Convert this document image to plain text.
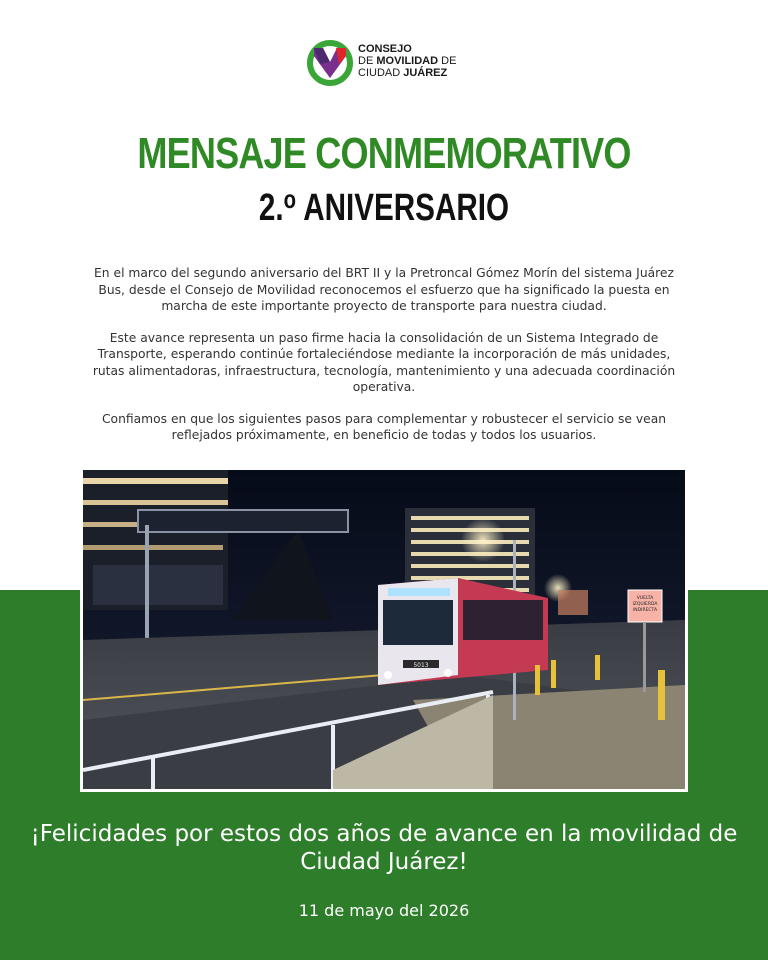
CONSEJO
DE MOVILIDAD DE
CIUDAD JUÁREZ
MENSAJE CONMEMORATIVO
2.$^o$ ANIVERSARIO

En el marco del segundo aniversario del BRT II y la Pretroncal Gómez Morín del sistema Juárez Bus, desde el Consejo de Movilidad reconocemos el esfuerzo que ha significado la puesta en marcha de este importante proyecto de transporte para nuestra ciudad.

Este avance representa un paso firme hacia la consolidación de un Sistema Integrado de Transporte, esperando continúe fortaleciéndose mediante la incorporación de más unidades, rutas alimentadoras, infraestructura, tecnología, mantenimiento y una adecuada coordinación operativa.

Confiamos en que los siguientes pasos para complementar y robustecer el servicio se vean reflejados próximamente, en beneficio de todas y todos los usuarios.

5013
VUELTA
IZQUIERDA
INDIRECTA
¡Felicidades por estos dos años de avance en la movilidad de Ciudad Juárez!
11 de mayo del 2026
